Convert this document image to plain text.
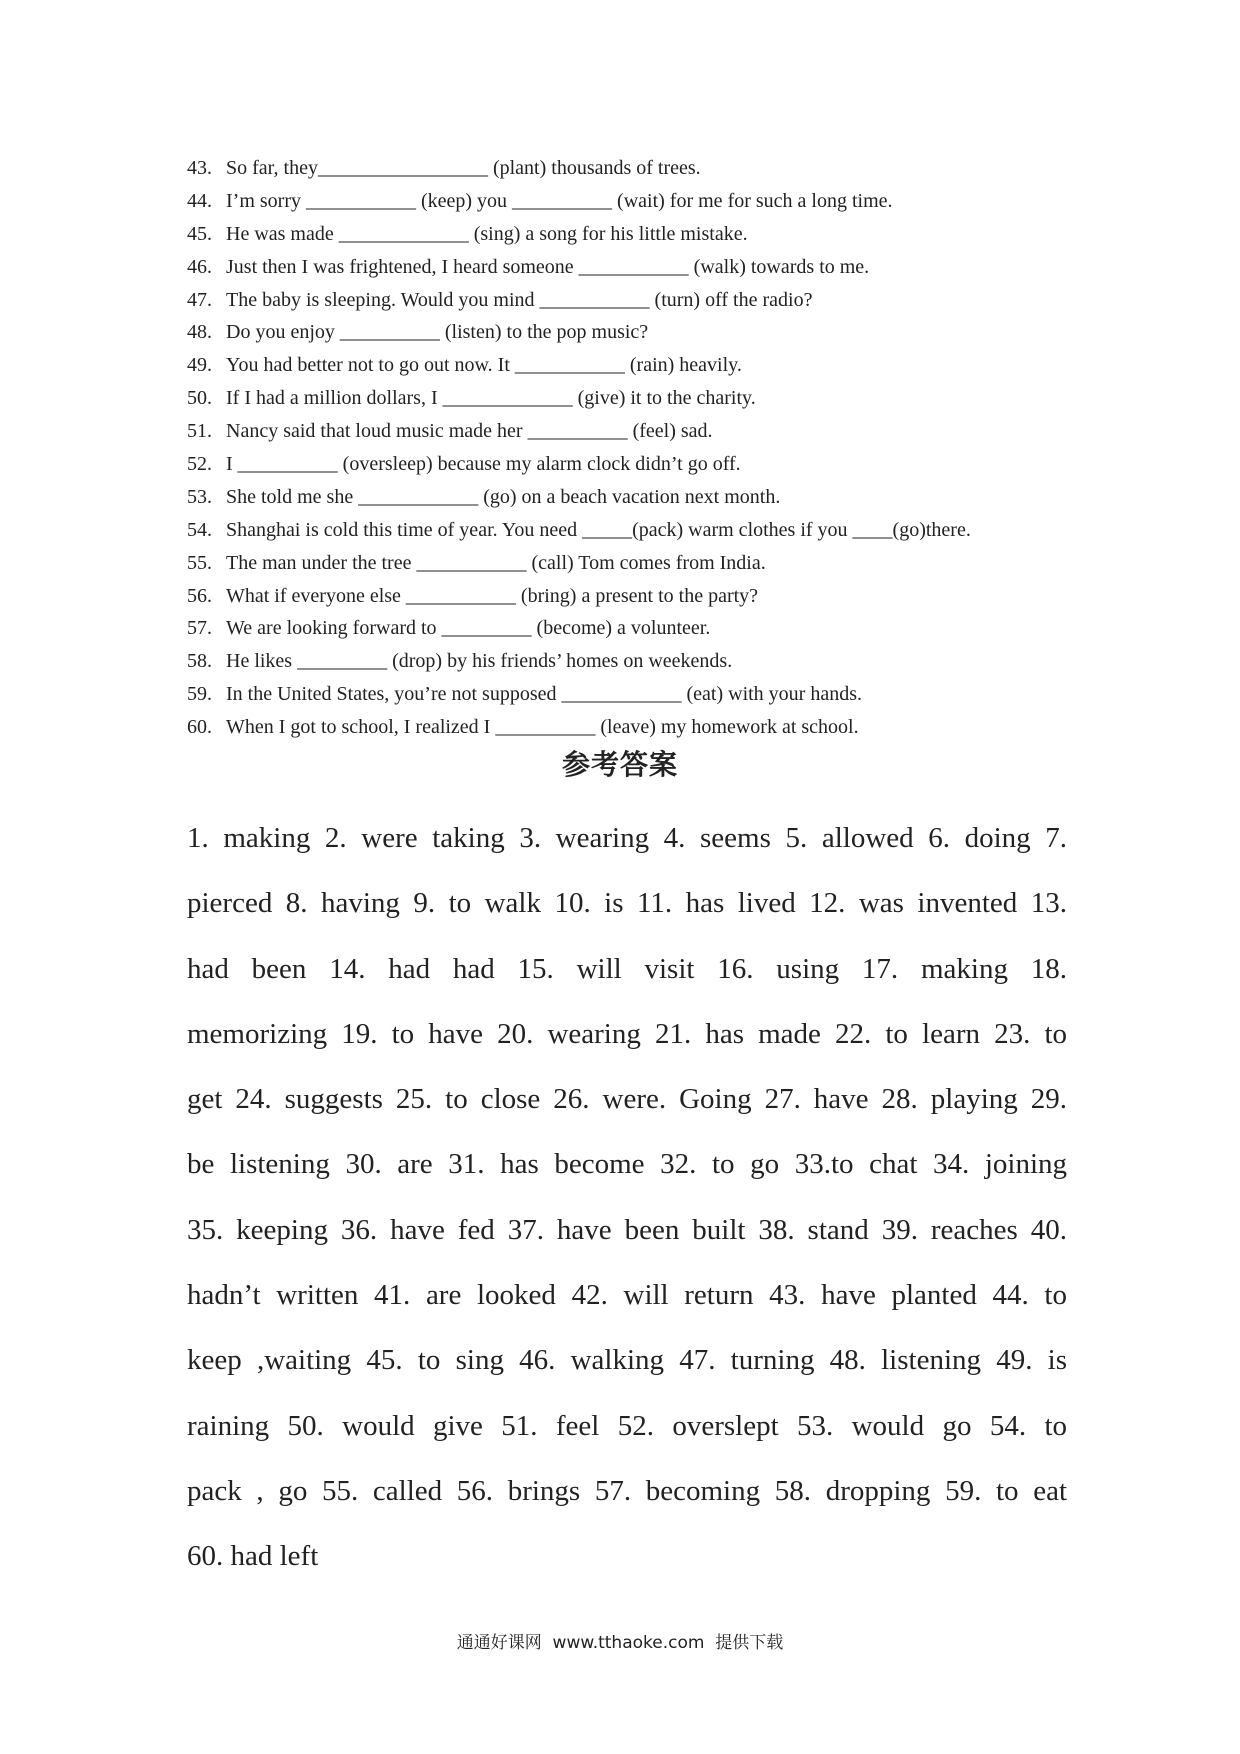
43. So far, they_________________ (plant) thousands of trees.
44. I’m sorry ___________ (keep) you __________ (wait) for me for such a long time.
45. He was made _____________ (sing) a song for his little mistake.
46. Just then I was frightened, I heard someone ___________ (walk) towards to me.
47. The baby is sleeping. Would you mind ___________ (turn) off the radio?
48. Do you enjoy __________ (listen) to the pop music?
49. You had better not to go out now. It ___________ (rain) heavily.
50. If I had a million dollars, I _____________ (give) it to the charity.
51. Nancy said that loud music made her __________ (feel) sad.
52. I __________ (oversleep) because my alarm clock didn’t go off.
53. She told me she ____________ (go) on a beach vacation next month.
54. Shanghai is cold this time of year. You need _____(pack) warm clothes if you ____(go)there.
55. The man under the tree ___________ (call) Tom comes from India.
56. What if everyone else ___________ (bring) a present to the party?
57. We are looking forward to _________ (become) a volunteer.
58. He likes _________ (drop) by his friends’ homes on weekends.
59. In the United States, you’re not supposed ____________ (eat) with your hands.
60. When I got to school, I realized I __________ (leave) my homework at school.
参考答案
1. making 2. were taking 3. wearing 4. seems 5. allowed 6. doing 7.
pierced 8. having 9. to walk 10. is 11. has lived 12. was invented 13.
had been 14. had had 15. will visit 16. using 17. making 18.
memorizing 19. to have 20. wearing 21. has made 22. to learn 23. to
get 24. suggests 25. to close 26. were. Going 27. have 28. playing 29.
be listening 30. are 31. has become 32. to go 33.to chat 34. joining
35. keeping 36. have fed 37. have been built 38. stand 39. reaches 40.
hadn’t written 41. are looked 42. will return 43. have planted 44. to
keep ,waiting 45. to sing 46. walking 47. turning 48. listening 49. is
raining 50. would give 51. feel 52. overslept 53. would go 54. to
pack , go 55. called 56. brings 57. becoming 58. dropping 59. to eat
60. had left
通通好课网  www.tthaoke.com  提供下载
